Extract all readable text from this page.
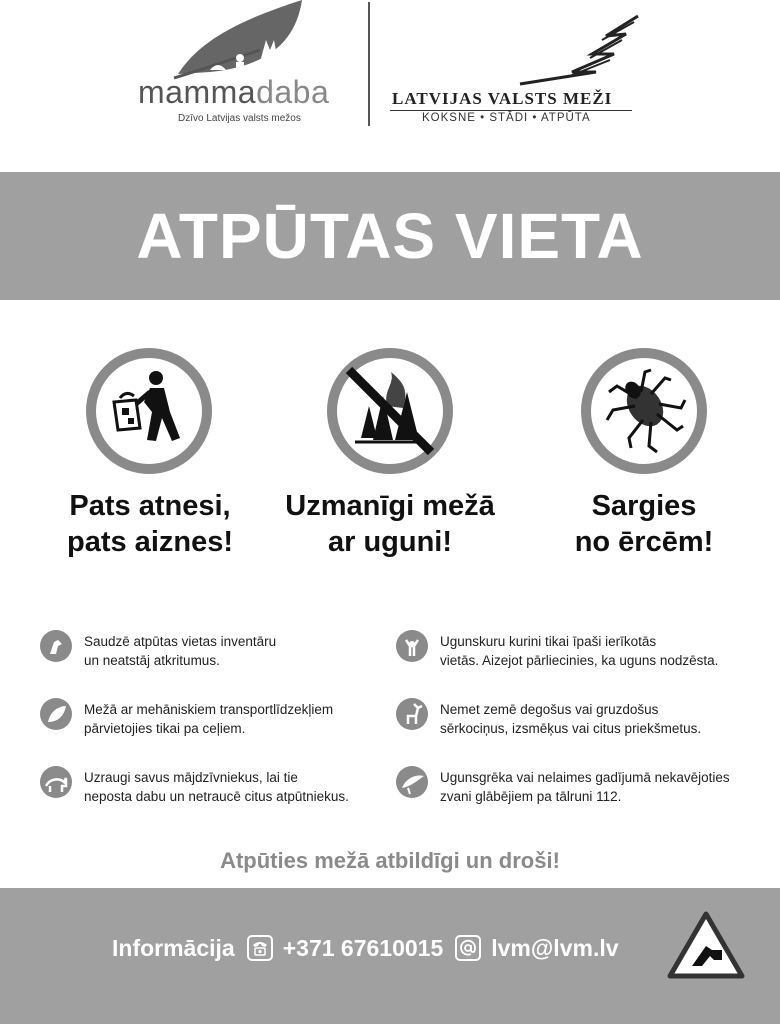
mammadaba
Dzīvo Latvijas valsts mežos
LATVIJAS VALSTS MEŽI
KOKSNE • STĀDI • ATPŪTA
ATPŪTAS VIETA
Pats atnesi,
pats aiznes!
Uzmanīgi mežā
ar uguni!
Sargies
no ērcēm!

Saudzē atpūtas vietas inventāru
un neatstāj atkritumus.

Ugunskuru kurini tikai īpaši ierīkotās
vietās. Aizejot pārliecinies, ka uguns nodzēsta.

Mežā ar mehāniskiem transportlīdzekļiem
pārvietojies tikai pa ceļiem.

Nemet zemē degošus vai gruzdošus
sērkociņus, izsmēķus vai citus priekšmetus.

Uzraugi savus mājdzīvniekus, lai tie
neposta dabu un netraucē citus atpūtniekus.

Ugunsgrēka vai nelaimes gadījumā nekavējoties
zvani glābējiem pa tālruni 112.

Atpūties mežā atbildīgi un droši!
Informācija +371 67610015 lvm@lvm.lv
